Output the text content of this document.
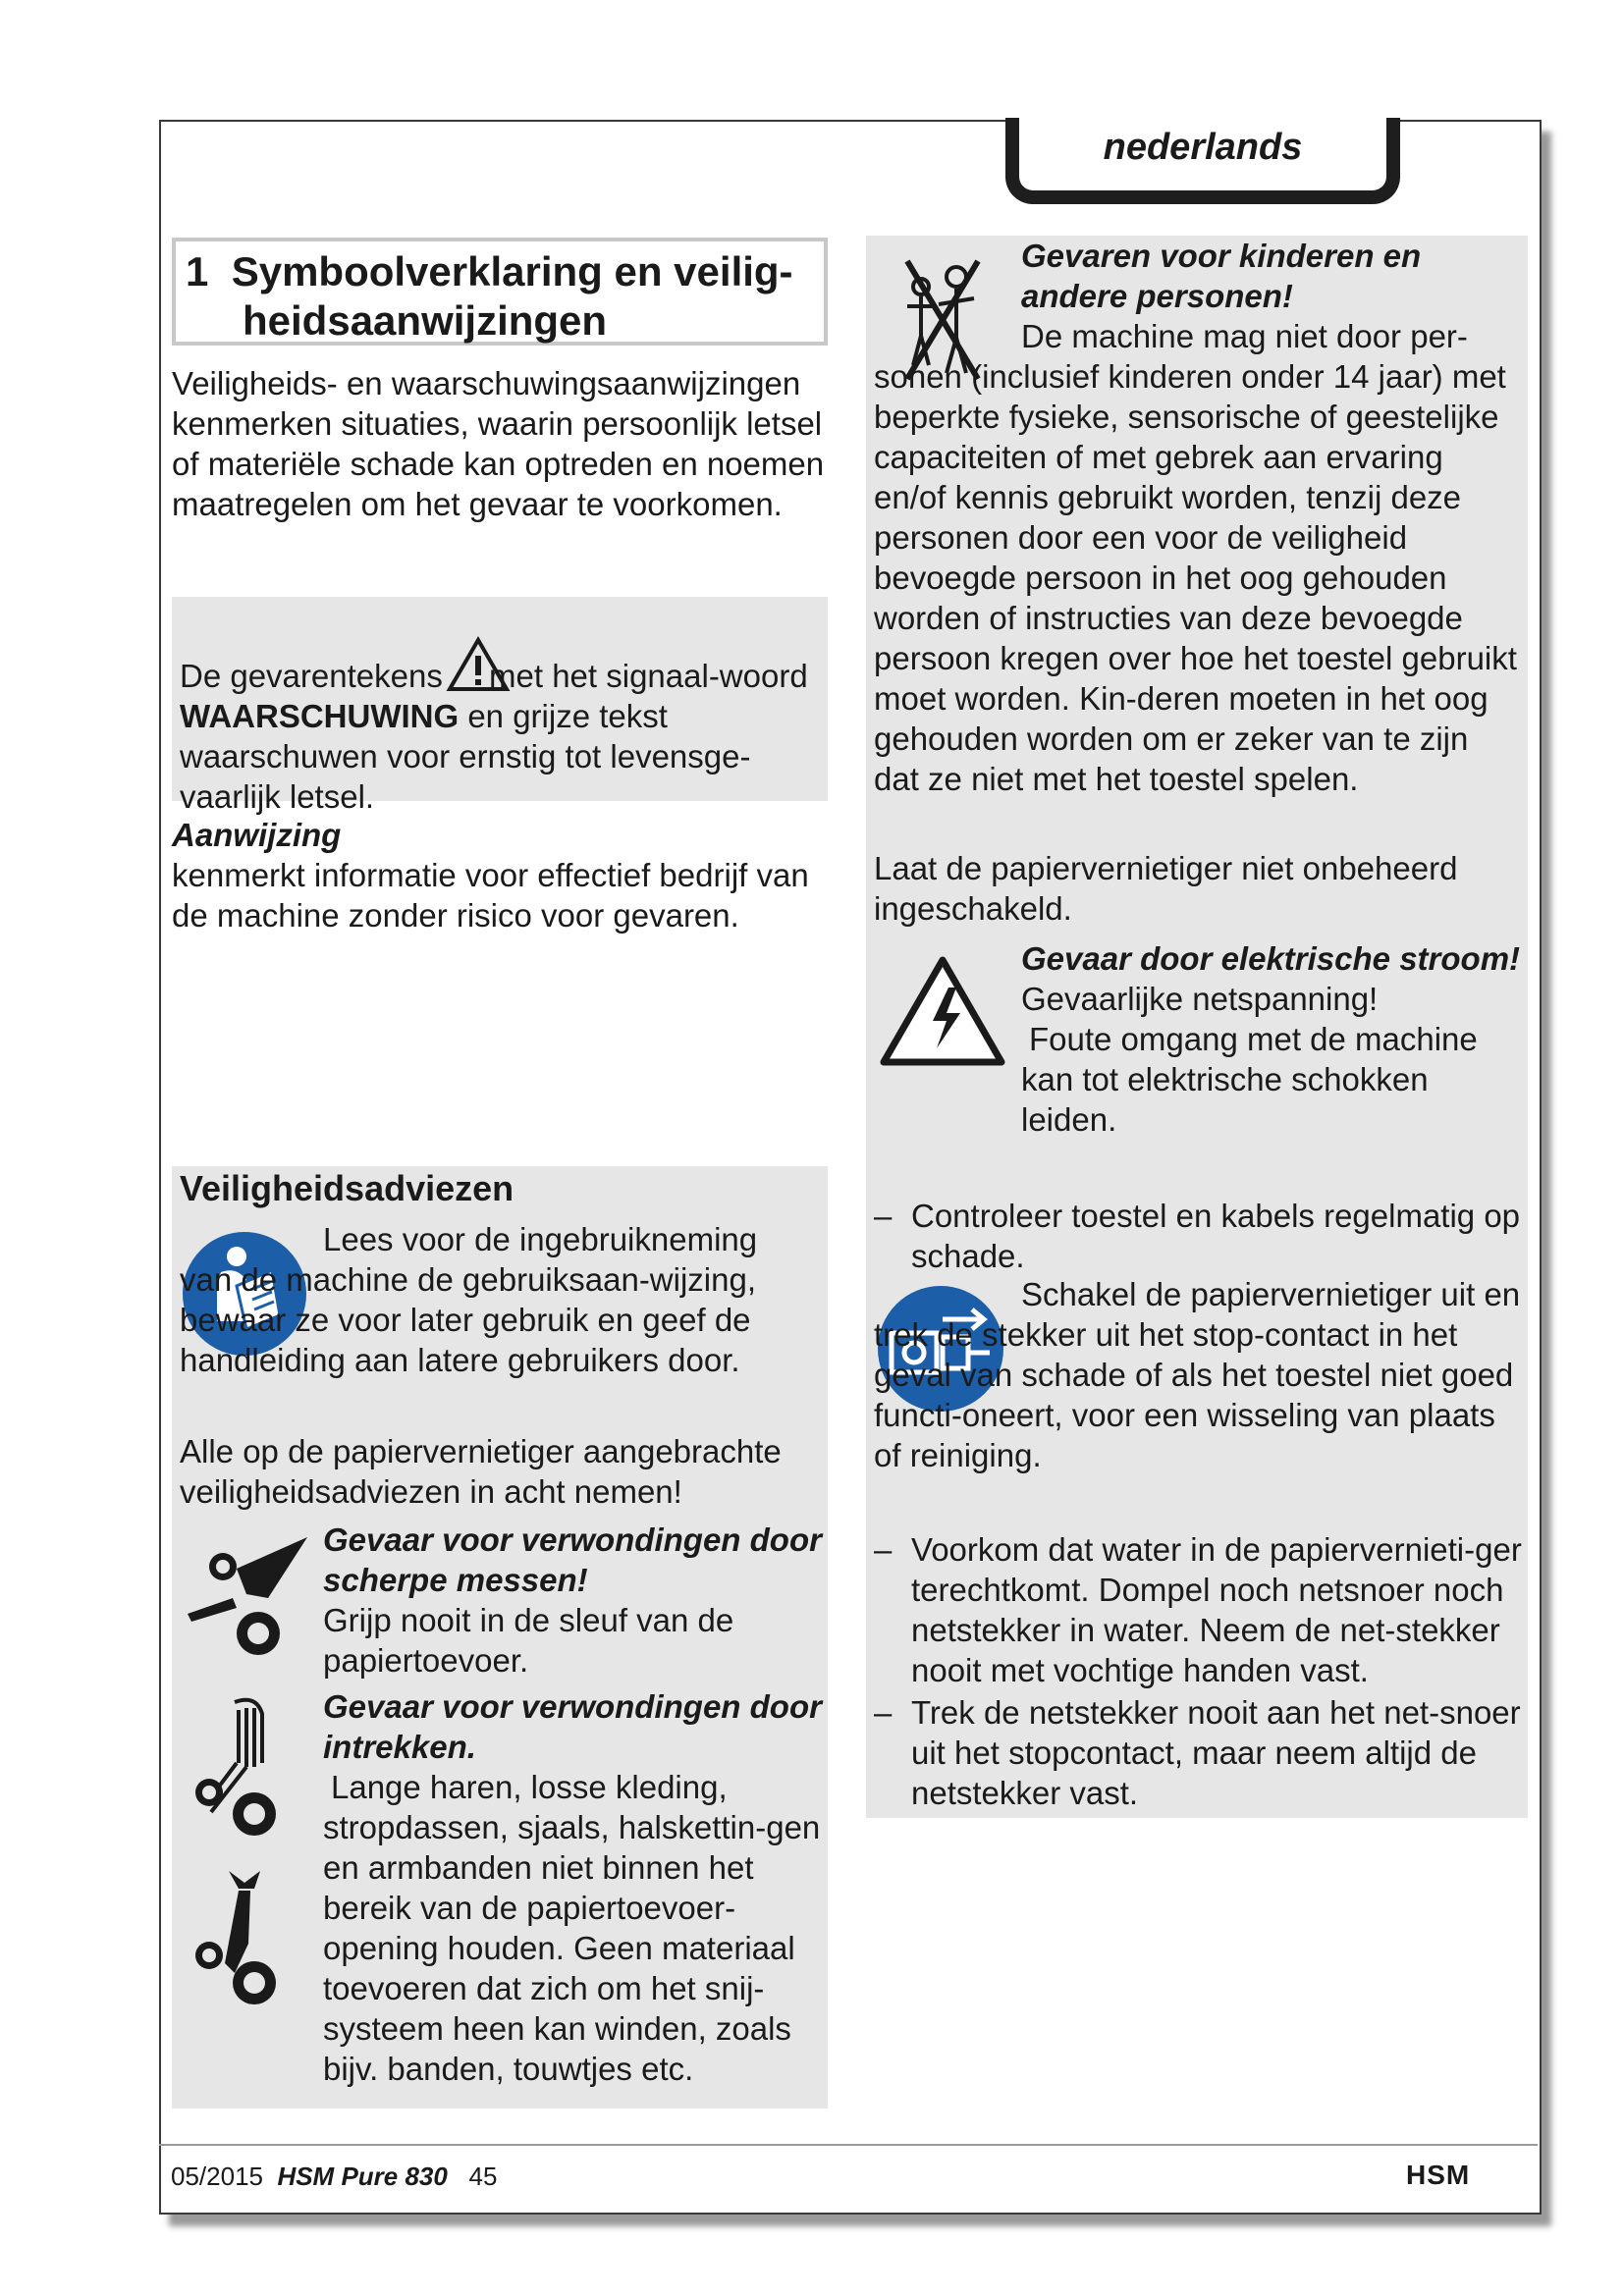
nederlands
1 Symboolverklaring en veilig-
heidsaanwijzingen
Veiligheids- en waarschuwingsaanwijzingen kenmerken situaties, waarin persoonlijk letsel of materiële schade kan optreden en noemen maatregelen om het gevaar te voorkomen.
De gevarentekens met het signaal-woord WAARSCHUWING en grijze tekst waarschuwen voor ernstig tot levensge-vaarlijk letsel.
Aanwijzing
kenmerkt informatie voor effectief bedrijf van de machine zonder risico voor gevaren.
Veiligheidsadviezen
Lees voor de ingebruikneming van de machine de gebruiksaan-wijzing, bewaar ze voor later gebruik en geef de handleiding aan latere gebruikers door.
Alle op de papiervernietiger aangebrachte veiligheidsadviezen in acht nemen!
Gevaar voor verwondingen door scherpe messen!
Grijp nooit in de sleuf van de papiertoevoer.
Gevaar voor verwondingen door intrekken.
Lange haren, losse kleding, stropdassen, sjaals, halskettin-gen en armbanden niet binnen het bereik van de papiertoevoer-opening houden. Geen materiaal toevoeren dat zich om het snij-systeem heen kan winden, zoals bijv. banden, touwtjes etc.
Gevaren voor kinderen en andere personen!
De machine mag niet door per-sonen (inclusief kinderen onder 14 jaar) met beperkte fysieke, sensorische of geestelijke capaciteiten of met gebrek aan ervaring en/of kennis gebruikt worden, tenzij deze personen door een voor de veiligheid bevoegde persoon in het oog gehouden worden of instructies van deze bevoegde persoon kregen over hoe het toestel gebruikt moet worden. Kin-deren moeten in het oog gehouden worden om er zeker van te zijn dat ze niet met het toestel spelen.
Laat de papiervernietiger niet onbeheerd ingeschakeld.
Gevaar door elektrische stroom!
Gevaarlijke netspanning!
Foute omgang met de machine kan tot elektrische schokken leiden.
– Controleer toestel en kabels regelmatig op schade.
Schakel de papiervernietiger uit en trek de stekker uit het stop-contact in het geval van schade of als het toestel niet goed functi-oneert, voor een wisseling van plaats of reiniging.
– Voorkom dat water in de papiervernieti-ger terechtkomt. Dompel noch netsnoer noch netstekker in water. Neem de net-stekker nooit met vochtige handen vast.
– Trek de netstekker nooit aan het net-snoer uit het stopcontact, maar neem altijd de netstekker vast.
05/2015 HSM Pure 830 45	HSM
